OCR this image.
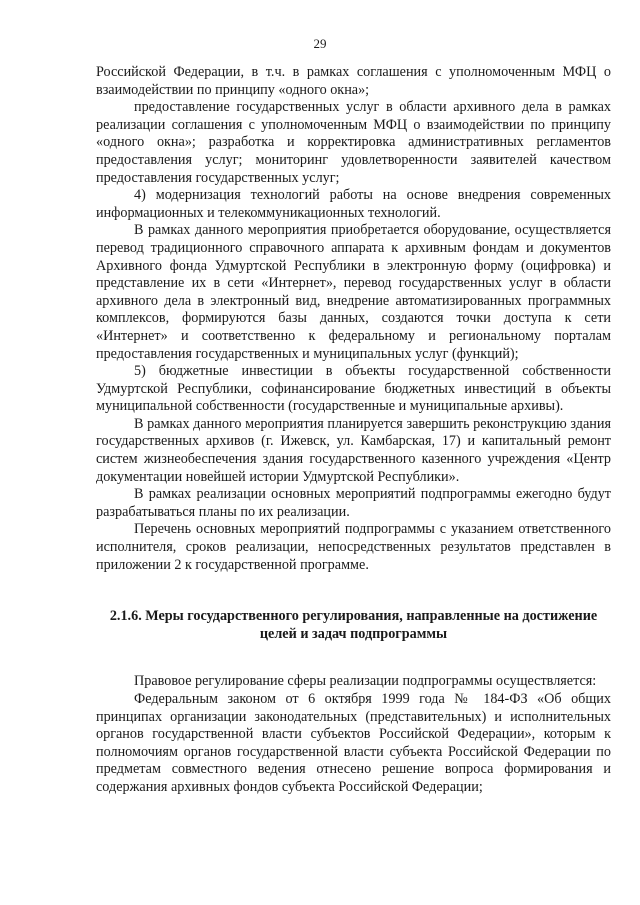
29

Российской Федерации, в т.ч. в рамках соглашения с уполномоченным МФЦ о взаимодействии по принципу «одного окна»;

предоставление государственных услуг в области архивного дела в рамках реализации соглашения с уполномоченным МФЦ о взаимодействии по принципу «одного окна»; разработка и корректировка административных регламентов предоставления услуг; мониторинг удовлетворенности заявителей качеством предоставления государственных услуг;

4) модернизация технологий работы на основе внедрения современных информационных и телекоммуникационных технологий.

В рамках данного мероприятия приобретается оборудование, осуществляется перевод традиционного справочного аппарата к архивным фондам и документов Архивного фонда Удмуртской Республики в электронную форму (оцифровка) и представление их в сети «Интернет», перевод государственных услуг в области архивного дела в электронный вид, внедрение автоматизированных программных комплексов, формируются базы данных, создаются точки доступа к сети «Интернет» и соответственно к федеральному и региональному порталам предоставления государственных и муниципальных услуг (функций);

5) бюджетные инвестиции в объекты государственной собственности Удмуртской Республики, софинансирование бюджетных инвестиций в объекты муниципальной собственности (государственные и муниципальные архивы).

В рамках данного мероприятия планируется завершить реконструкцию здания государственных архивов (г. Ижевск, ул. Камбарская, 17) и капитальный ремонт систем жизнеобеспечения здания государственного казенного учреждения «Центр документации новейшей истории Удмуртской Республики».

В рамках реализации основных мероприятий подпрограммы ежегодно будут разрабатываться планы по их реализации.

Перечень основных мероприятий подпрограммы с указанием ответственного исполнителя, сроков реализации, непосредственных результатов представлен в приложении 2 к государственной программе.

2.1.6. Меры государственного регулирования, направленные на достижение целей и задач подпрограммы

Правовое регулирование сферы реализации подпрограммы осуществляется:

Федеральным законом от 6 октября 1999 года № 184-ФЗ «Об общих принципах организации законодательных (представительных) и исполнительных органов государственной власти субъектов Российской Федерации», которым к полномочиям органов государственной власти субъекта Российской Федерации по предметам совместного ведения отнесено решение вопроса формирования и содержания архивных фондов субъекта Российской Федерации;
